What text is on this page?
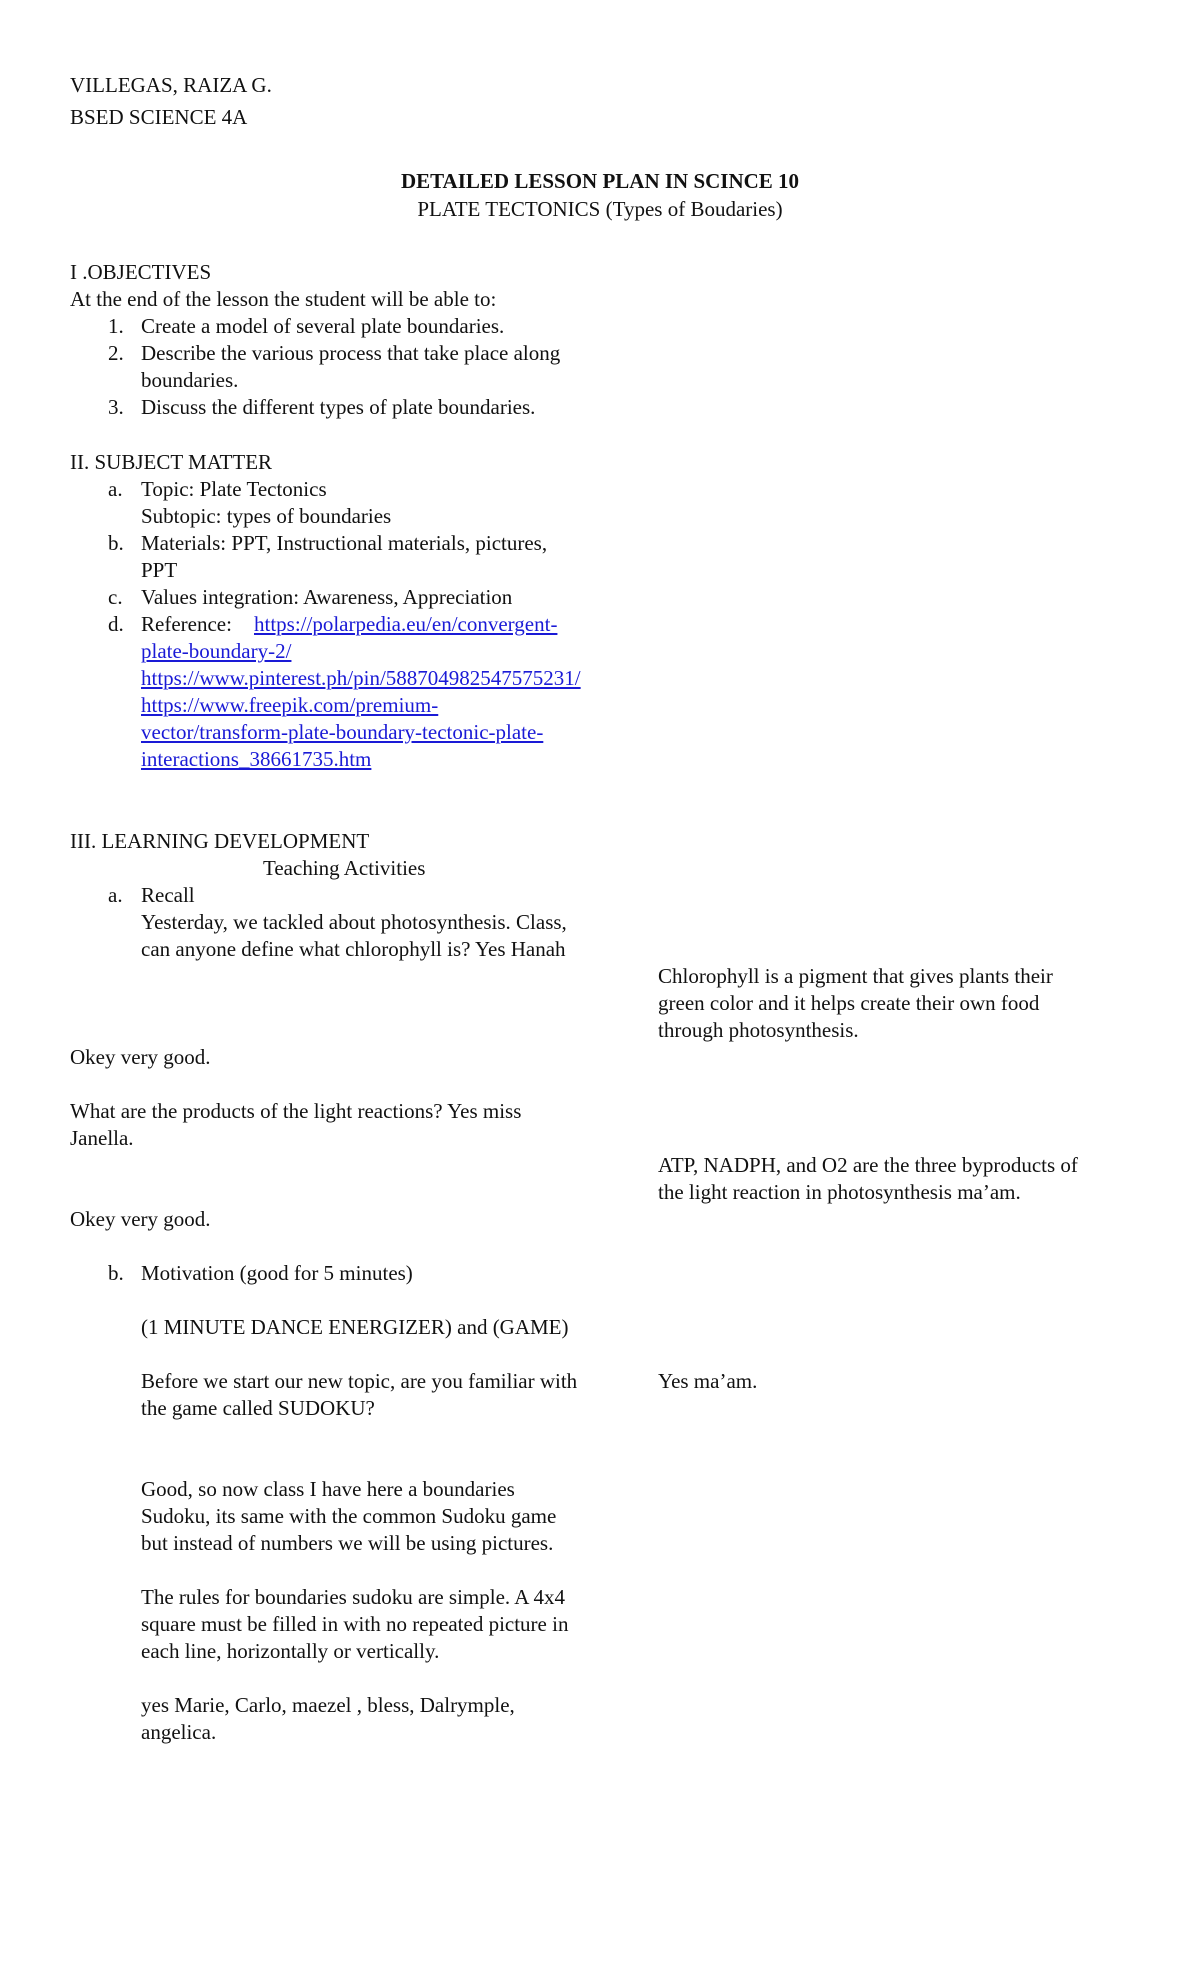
VILLEGAS, RAIZA G.

BSED SCIENCE 4A

DETAILED LESSON PLAN IN SCINCE 10

PLATE TECTONICS (Types of Boudaries)

I .OBJECTIVES

At the end of the lesson the student will be able to:

1. Create a model of several plate boundaries.

2. Describe the various process that take place along

boundaries.

3. Discuss the different types of plate boundaries.

II. SUBJECT MATTER

a. Topic: Plate Tectonics

Subtopic: types of boundaries

b. Materials: PPT, Instructional materials, pictures,

PPT

c. Values integration: Awareness, Appreciation

d. Reference: https://polarpedia.eu/en/convergent-
plate-boundary-2/
https://www.pinterest.ph/pin/588704982547575231/
https://www.freepik.com/premium-
vector/transform-plate-boundary-tectonic-plate-
interactions_38661735.htm

III. LEARNING DEVELOPMENT

Teaching Activities

a. Recall

Yesterday, we tackled about photosynthesis. Class,

can anyone define what chlorophyll is? Yes Hanah

Chlorophyll is a pigment that gives plants their

green color and it helps create their own food

through photosynthesis.

Okey very good.

What are the products of the light reactions? Yes miss

Janella.

ATP, NADPH, and O2 are the three byproducts of

the light reaction in photosynthesis ma’am.

Okey very good.

b. Motivation (good for 5 minutes)

(1 MINUTE DANCE ENERGIZER) and (GAME)

Before we start our new topic, are you familiar with

the game called SUDOKU?

Yes ma’am.

Good, so now class I have here a boundaries

Sudoku, its same with the common Sudoku game

but instead of numbers we will be using pictures.

The rules for boundaries sudoku are simple. A 4x4

square must be filled in with no repeated picture in

each line, horizontally or vertically.

yes Marie, Carlo, maezel , bless, Dalrymple,

angelica.
